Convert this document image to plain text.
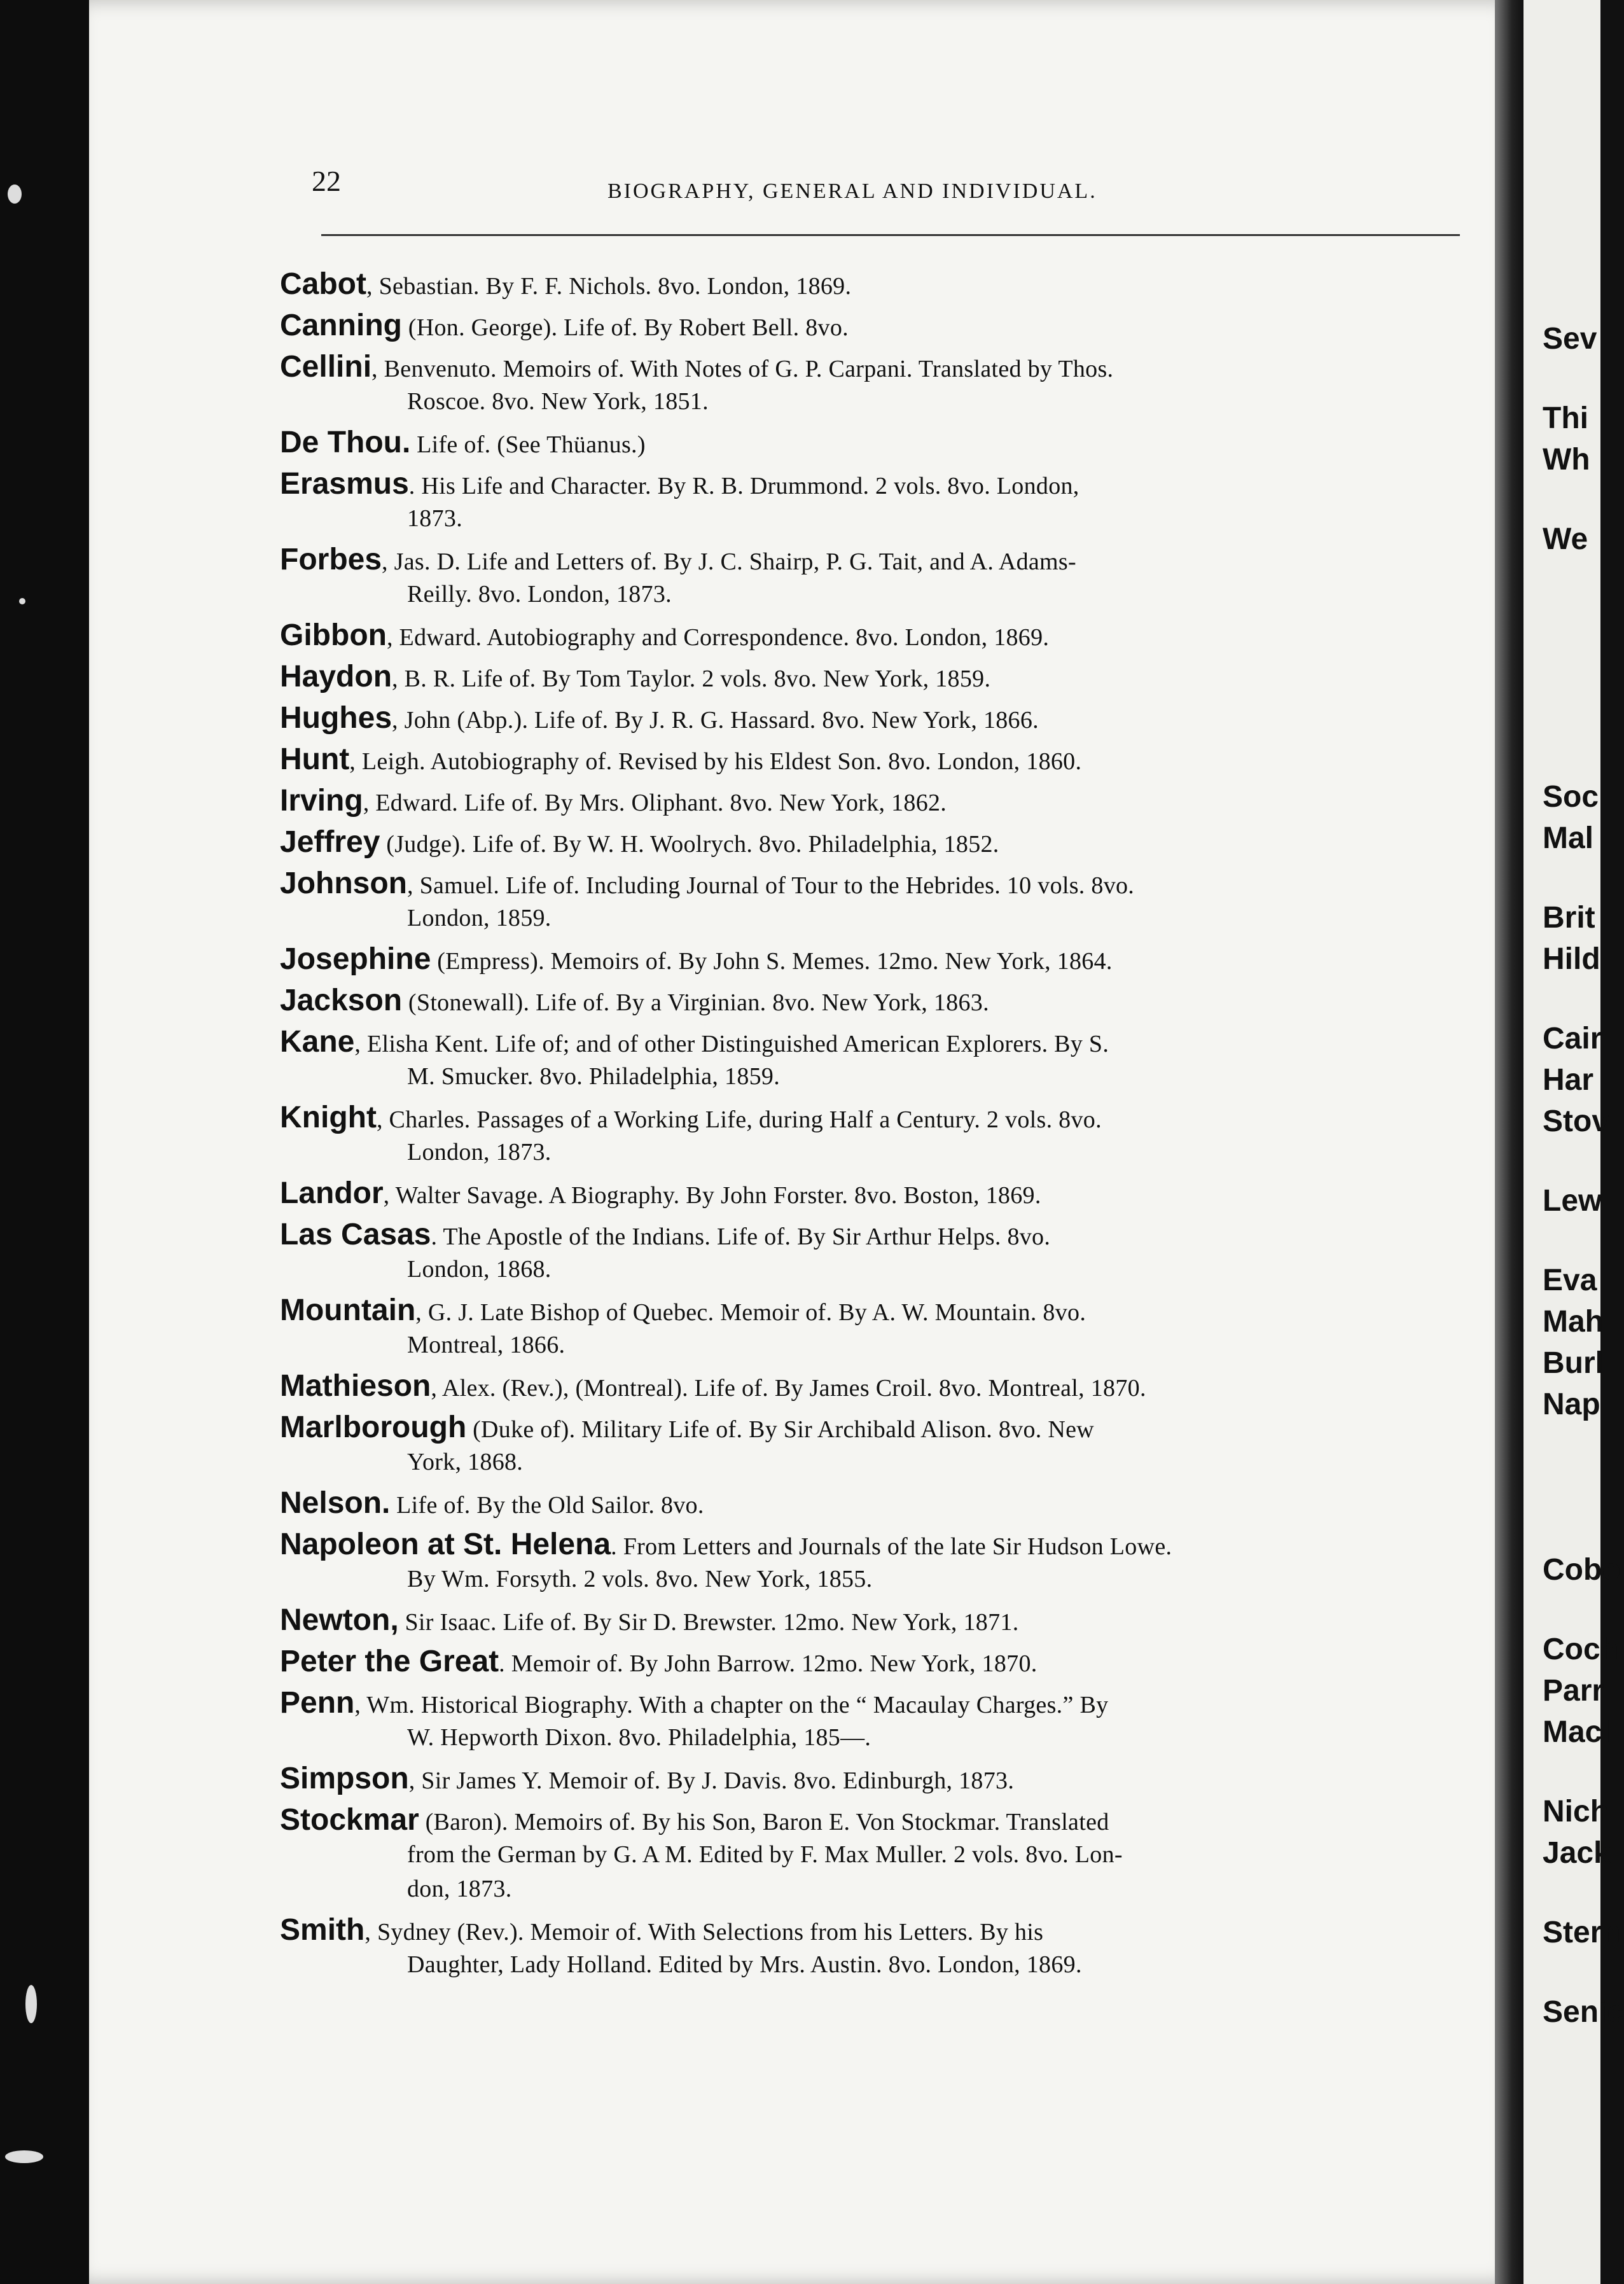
22	BIOGRAPHY, GENERAL AND INDIVIDUAL.
Cabot, Sebastian. By F. F. Nichols. 8vo. London, 1869.
Canning (Hon. George). Life of. By Robert Bell. 8vo.
Cellini, Benvenuto. Memoirs of. With Notes of G. P. Carpani. Translated by Thos.
Roscoe. 8vo. New York, 1851.
De Thou. Life of. (See Thüanus.)
Erasmus. His Life and Character. By R. B. Drummond. 2 vols. 8vo. London,
1873.
Forbes, Jas. D. Life and Letters of. By J. C. Shairp, P. G. Tait, and A. Adams-
Reilly. 8vo. London, 1873.
Gibbon, Edward. Autobiography and Correspondence. 8vo. London, 1869.
Haydon, B. R. Life of. By Tom Taylor. 2 vols. 8vo. New York, 1859.
Hughes, John (Abp.). Life of. By J. R. G. Hassard. 8vo. New York, 1866.
Hunt, Leigh. Autobiography of. Revised by his Eldest Son. 8vo. London, 1860.
Irving, Edward. Life of. By Mrs. Oliphant. 8vo. New York, 1862.
Jeffrey (Judge). Life of. By W. H. Woolrych. 8vo. Philadelphia, 1852.
Johnson, Samuel. Life of. Including Journal of Tour to the Hebrides. 10 vols. 8vo.
London, 1859.
Josephine (Empress). Memoirs of. By John S. Memes. 12mo. New York, 1864.
Jackson (Stonewall). Life of. By a Virginian. 8vo. New York, 1863.
Kane, Elisha Kent. Life of; and of other Distinguished American Explorers. By S.
M. Smucker. 8vo. Philadelphia, 1859.
Knight, Charles. Passages of a Working Life, during Half a Century. 2 vols. 8vo.
London, 1873.
Landor, Walter Savage. A Biography. By John Forster. 8vo. Boston, 1869.
Las Casas. The Apostle of the Indians. Life of. By Sir Arthur Helps. 8vo.
London, 1868.
Mountain, G. J. Late Bishop of Quebec. Memoir of. By A. W. Mountain. 8vo.
Montreal, 1866.
Mathieson, Alex. (Rev.), (Montreal). Life of. By James Croil. 8vo. Montreal, 1870.
Marlborough (Duke of). Military Life of. By Sir Archibald Alison. 8vo. New
York, 1868.
Nelson. Life of. By the Old Sailor. 8vo.
Napoleon at St. Helena. From Letters and Journals of the late Sir Hudson Lowe.
By Wm. Forsyth. 2 vols. 8vo. New York, 1855.
Newton, Sir Isaac. Life of. By Sir D. Brewster. 12mo. New York, 1871.
Peter the Great. Memoir of. By John Barrow. 12mo. New York, 1870.
Penn, Wm. Historical Biography. With a chapter on the “ Macaulay Charges.” By
W. Hepworth Dixon. 8vo. Philadelphia, 185—.
Simpson, Sir James Y. Memoir of. By J. Davis. 8vo. Edinburgh, 1873.
Stockmar (Baron). Memoirs of. By his Son, Baron E. Von Stockmar. Translated
from the German by G. A M. Edited by F. Max Muller. 2 vols. 8vo. Lon-
don, 1873.
Smith, Sydney (Rev.). Memoir of. With Selections from his Letters. By his
Daughter, Lady Holland. Edited by Mrs. Austin. 8vo. London, 1869.
Sev
Thi
Wh
We
Soc
Mal
Brit
Hild
Cair
Har
Stov
Lew
Eva
Mah
Burl
Nap
Cobo
Coch
Parr
Macl
Nich
Jack
Stern
Senic
